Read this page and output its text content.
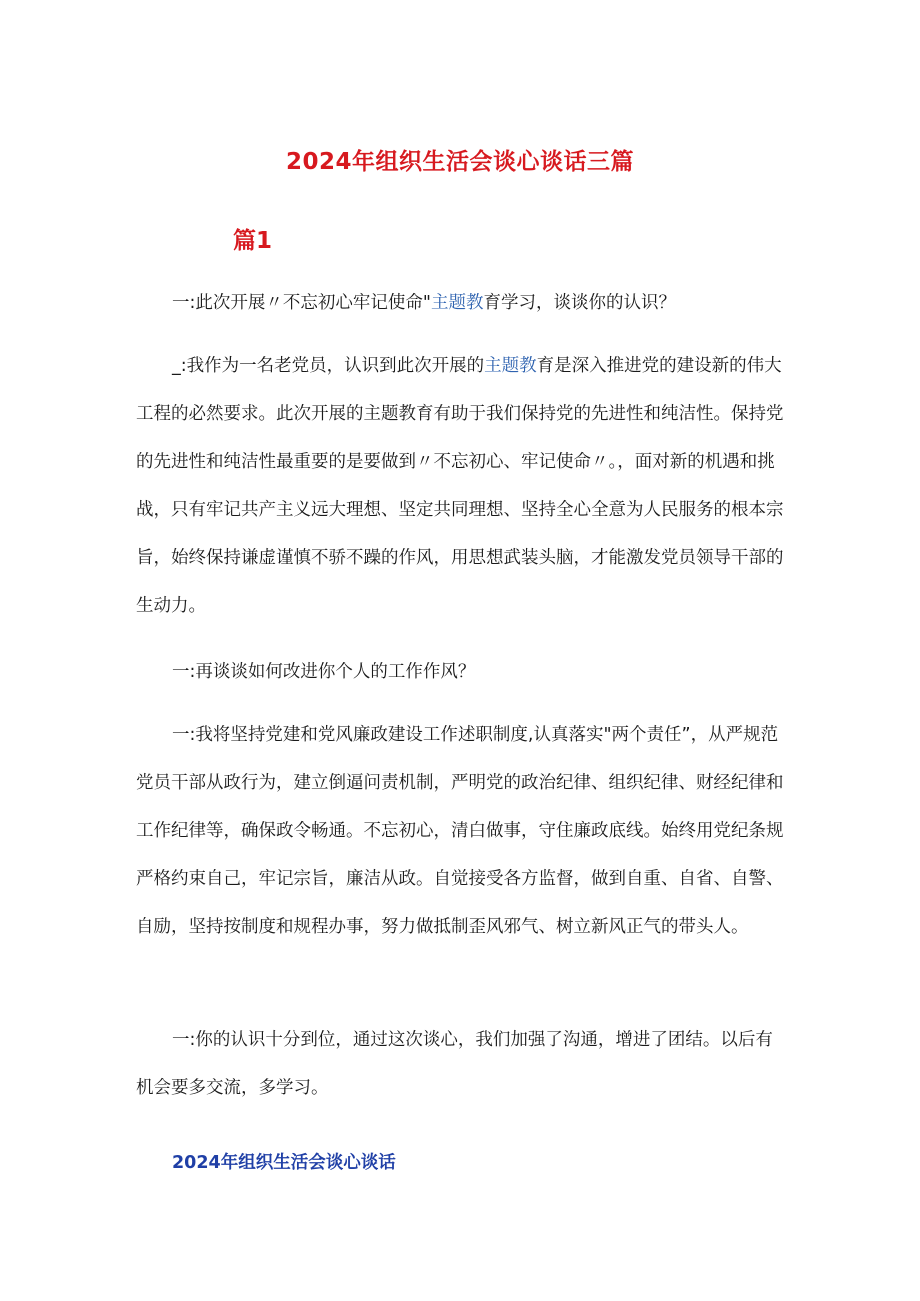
2024年组织生活会谈心谈话三篇
篇1

一:此次开展〃不忘初心牢记使命"主题教育学习，谈谈你的认识？

_:我作为一名老党员，认识到此次开展的主题教育是深入推进党的建设新的伟大工程的必然要求。此次开展的主题教育有助于我们保持党的先进性和纯洁性。保持党的先进性和纯洁性最重要的是要做到〃不忘初心、牢记使命〃。，面对新的机遇和挑战，只有牢记共产主义远大理想、坚定共同理想、坚持全心全意为人民服务的根本宗旨，始终保持谦虚谨慎不骄不躁的作风，用思想武装头脑，才能激发党员领导干部的生动力。

一:再谈谈如何改进你个人的工作作风？

一:我将坚持党建和党风廉政建设工作述职制度,认真落实"两个责任”，从严规范党员干部从政行为，建立倒逼问责机制，严明党的政治纪律、组织纪律、财经纪律和工作纪律等，确保政令畅通。不忘初心，清白做事，守住廉政底线。始终用党纪条规严格约束自己，牢记宗旨，廉洁从政。自觉接受各方监督，做到自重、自省、自警、自励，坚持按制度和规程办事，努力做抵制歪风邪气、树立新风正气的带头人。

一:你的认识十分到位，通过这次谈心，我们加强了沟通，增进了团结。以后有机会要多交流，多学习。

2024年组织生活会谈心谈话
